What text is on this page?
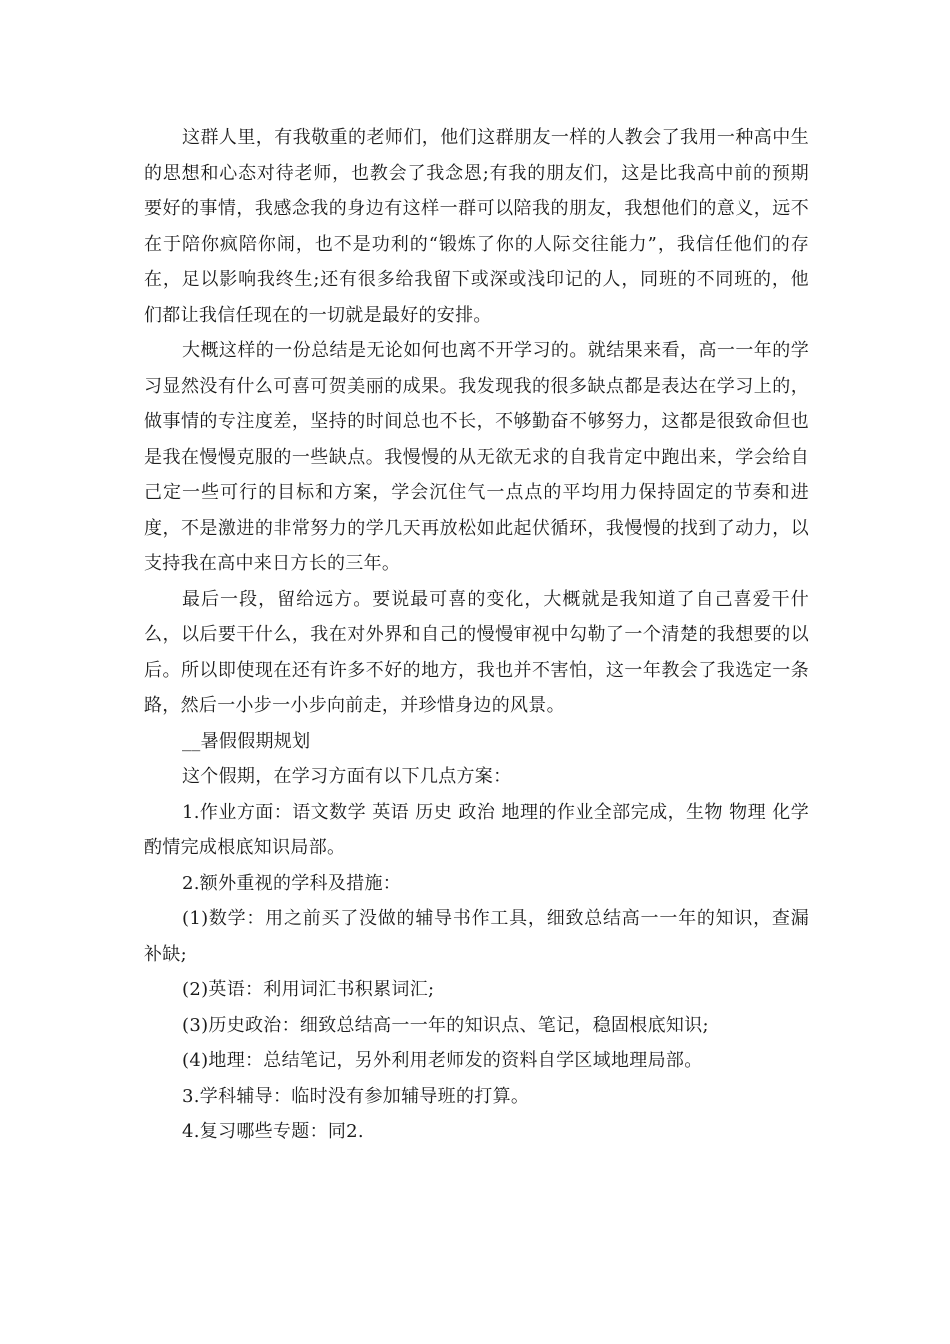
这群人里，有我敬重的老师们，他们这群朋友一样的人教会了我用一种高中生的思想和心态对待老师，也教会了我念恩;有我的朋友们，这是比我高中前的预期要好的事情，我感念我的身边有这样一群可以陪我的朋友，我想他们的意义，远不在于陪你疯陪你闹，也不是功利的“锻炼了你的人际交往能力”，我信任他们的存在，足以影响我终生;还有很多给我留下或深或浅印记的人，同班的不同班的，他们都让我信任现在的一切就是最好的安排。

大概这样的一份总结是无论如何也离不开学习的。就结果来看，高一一年的学习显然没有什么可喜可贺美丽的成果。我发现我的很多缺点都是表达在学习上的，做事情的专注度差，坚持的时间总也不长，不够勤奋不够努力，这都是很致命但也是我在慢慢克服的一些缺点。我慢慢的从无欲无求的自我肯定中跑出来，学会给自己定一些可行的目标和方案，学会沉住气一点点的平均用力保持固定的节奏和进度，不是激进的非常努力的学几天再放松如此起伏循环，我慢慢的找到了动力，以支持我在高中来日方长的三年。

最后一段，留给远方。要说最可喜的变化，大概就是我知道了自己喜爱干什么，以后要干什么，我在对外界和自己的慢慢审视中勾勒了一个清楚的我想要的以后。所以即使现在还有许多不好的地方，我也并不害怕，这一年教会了我选定一条路，然后一小步一小步向前走，并珍惜身边的风景。

__暑假假期规划

这个假期，在学习方面有以下几点方案：

1.作业方面：语文数学 英语 历史 政治 地理的作业全部完成，生物 物理 化学酌情完成根底知识局部。

2.额外重视的学科及措施：

(1)数学：用之前买了没做的辅导书作工具，细致总结高一一年的知识，查漏补缺;

(2)英语：利用词汇书积累词汇;

(3)历史政治：细致总结高一一年的知识点、笔记，稳固根底知识;

(4)地理：总结笔记，另外利用老师发的资料自学区域地理局部。

3.学科辅导：临时没有参加辅导班的打算。

4.复习哪些专题：同2.
